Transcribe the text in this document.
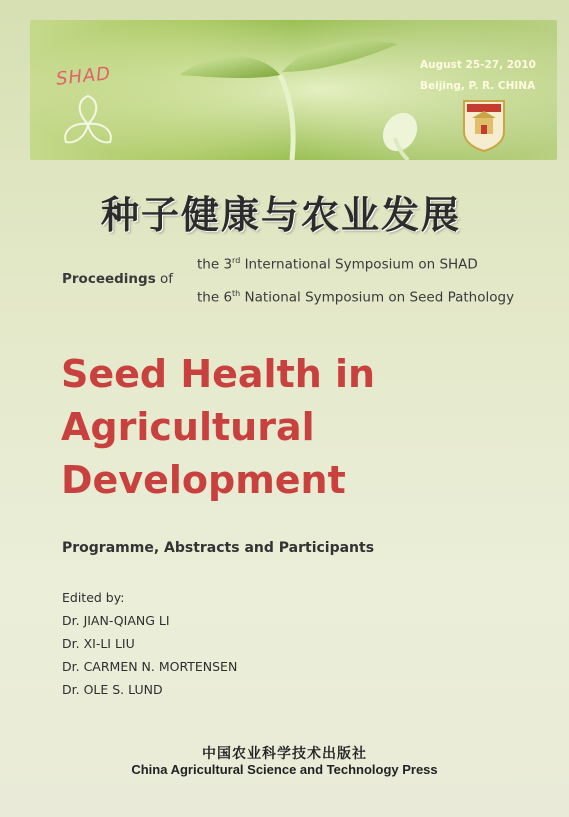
SHAD	August 25-27, 2010
Beijing, P. R. CHINA
种子健康与农业发展
Proceedings of
the 3rd International Symposium on SHAD
the 6th National Symposium on Seed Pathology
Seed Health in
Agricultural
Development
Programme, Abstracts and Participants
Edited by:
Dr. JIAN-QIANG LI
Dr. XI-LI LIU
Dr. CARMEN N. MORTENSEN
Dr. OLE S. LUND
中国农业科学技术出版社
China Agricultural Science and Technology Press
